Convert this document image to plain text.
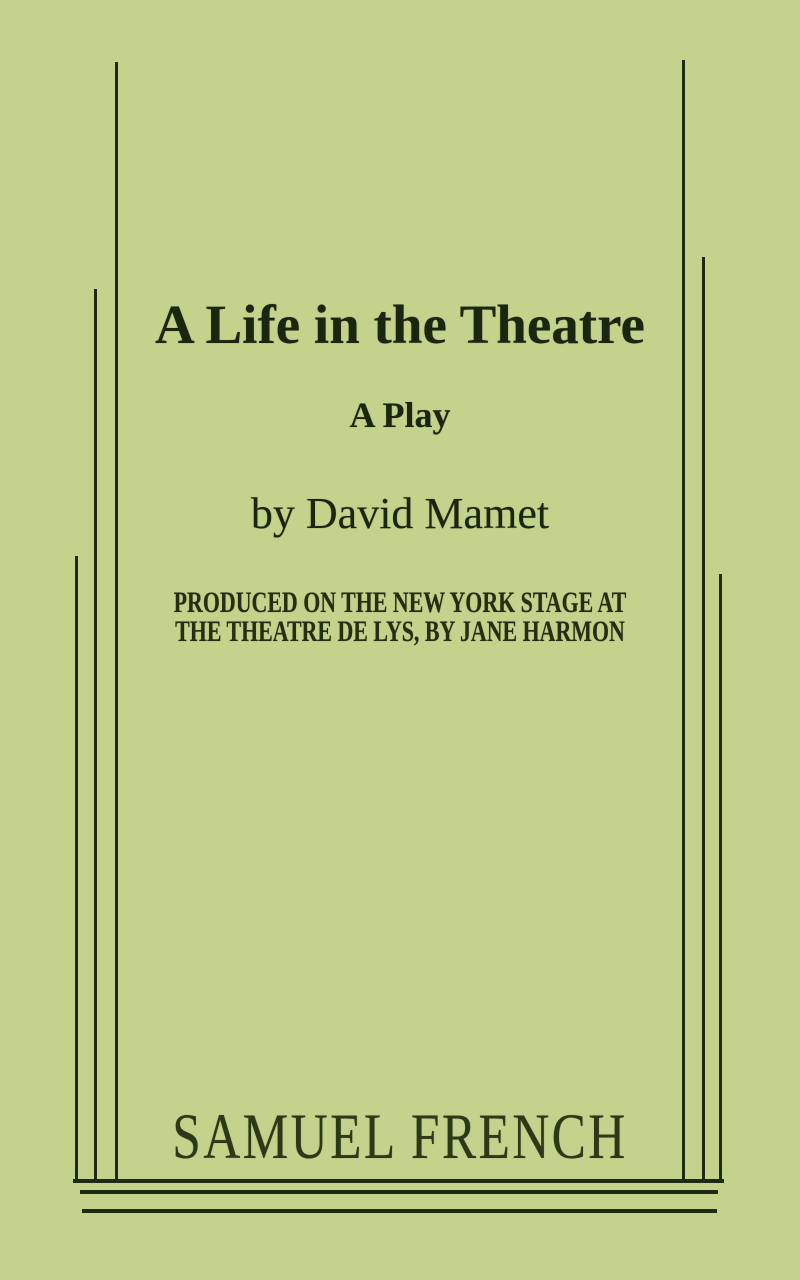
A Life in the Theatre
A Play
by David Mamet
PRODUCED ON THE NEW YORK STAGE AT
THE THEATRE DE LYS, BY JANE HARMON
SAMUEL FRENCH
